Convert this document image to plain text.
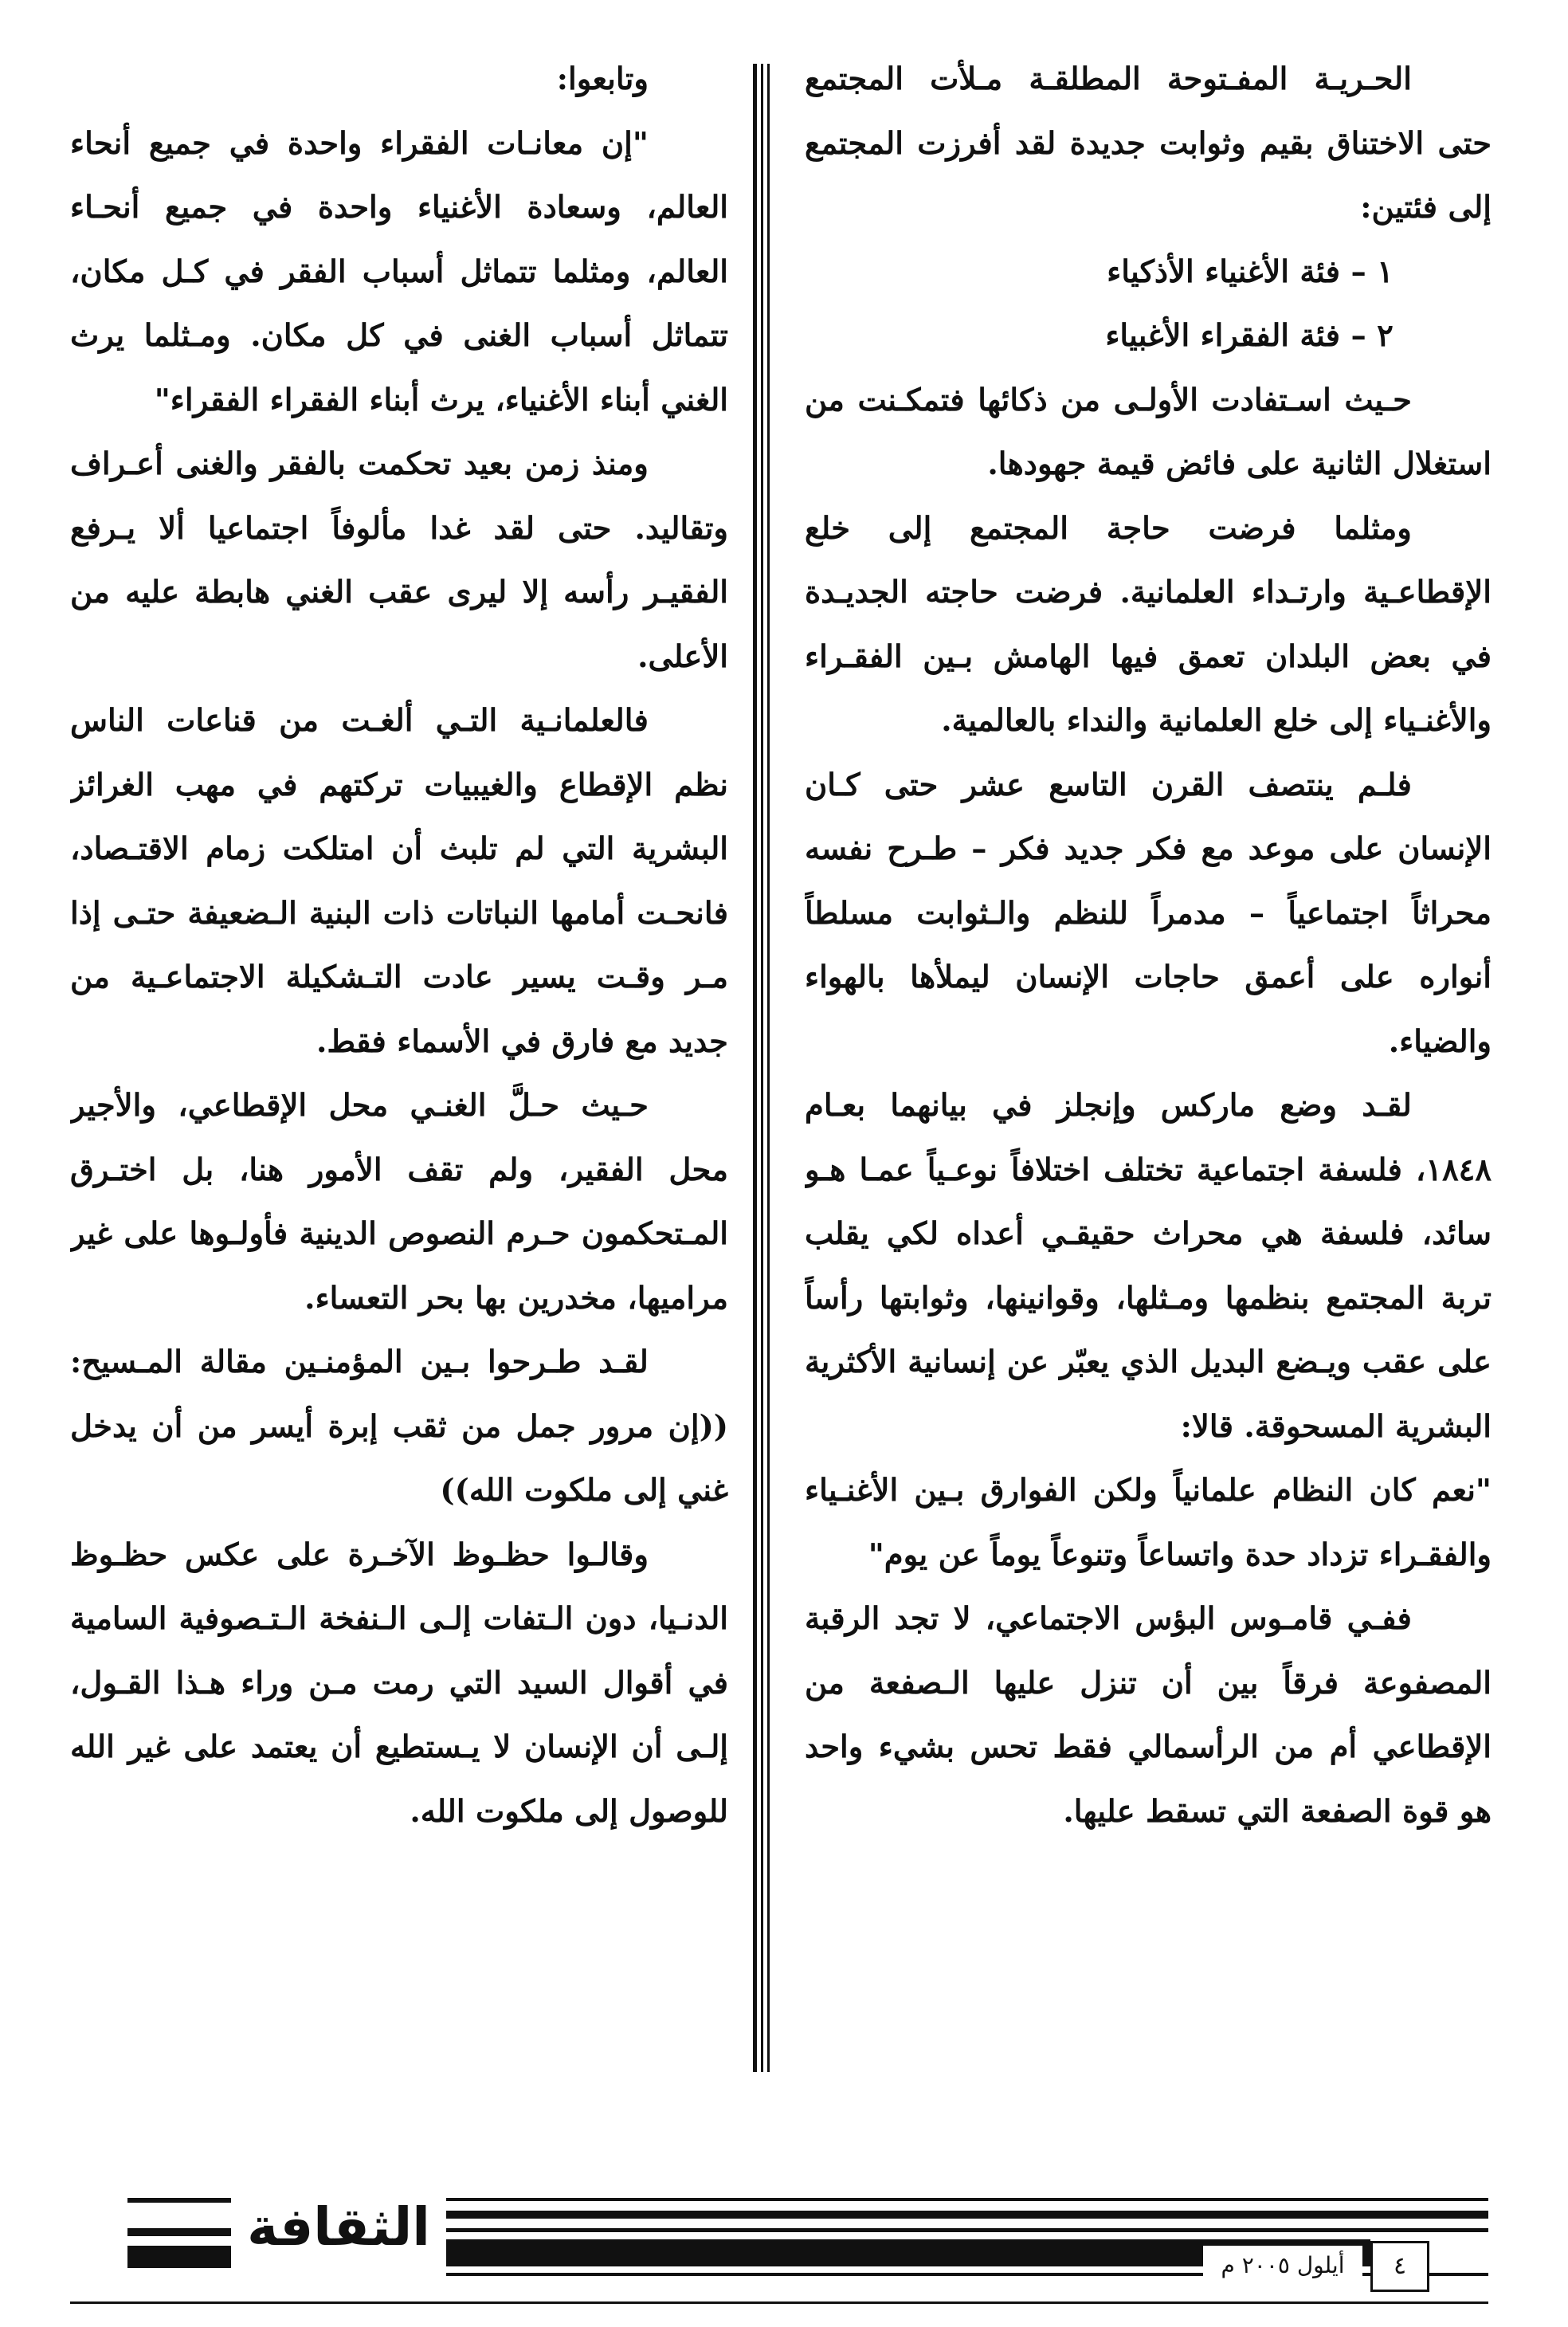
الحـريـة المفـتوحة المطلقـة مـلأت المجتمع حتى الاختناق بقيم وثوابت جديدة لقد أفرزت المجتمع إلى فئتين:

١ – فئة الأغنياء الأذكياء

٢ – فئة الفقراء الأغبياء

حـيث اسـتفادت الأولـى من ذكائها فتمكـنت من استغلال الثانية على فائض قيمة جهودها.

ومثلما فرضت حاجة المجتمع إلى خلع الإقطاعـية وارتـداء العلمانية. فرضت حاجته الجديـدة في بعض البلدان تعمق فيها الهامش بـين الفقـراء والأغنـياء إلى خلع العلمانية والنداء بالعالمية.

فلـم ينتصف القرن التاسع عشر حتى كـان الإنسان على موعد مع فكر جديد فكر – طـرح نفسه محراثاً اجتماعياً – مدمراً للنظم والـثوابت مسلطاً أنواره على أعمق حاجات الإنسان ليملأها بالهواء والضياء.

لقـد وضع ماركس وإنجلز في بيانهما بعـام ١٨٤٨، فلسفة اجتماعية تختلف اختلافاً نوعـياً عمـا هـو سائد، فلسفة هي محراث حقيقـي أعداه لكي يقلب تربة المجتمع بنظمها ومـثلها، وقوانينها، وثوابتها رأساً على عقب ويـضع البديل الذي يعبّر عن إنسانية الأكثرية البشرية المسحوقة. قالا:

"نعم كان النظام علمانياً ولكن الفوارق بـين الأغنـياء والفقـراء تزداد حدة واتساعاً وتنوعاً يوماً عن يوم"

ففـي قامـوس البؤس الاجتماعي، لا تجد الرقبة المصفوعة فرقاً بين أن تنزل عليها الـصفعة من الإقطاعي أم من الرأسمالي فقط تحس بشيء واحد هو قوة الصفعة التي تسقط عليها.

وتابعوا:

"إن معانـات الفقراء واحدة في جميع أنحاء العالم، وسعادة الأغنياء واحدة في جميع أنحـاء العالم، ومثلما تتماثل أسباب الفقر في كـل مكان، تتماثل أسباب الغنى في كل مكان. ومـثلما يرث الغني أبناء الأغنياء، يرث أبناء الفقراء الفقراء"

ومنذ زمن بعيد تحكمت بالفقر والغنى أعـراف وتقاليد. حتى لقد غدا مألوفاً اجتماعيا ألا يـرفع الفقيـر رأسه إلا ليرى عقب الغني هابطة عليه من الأعلى.

فالعلمانـية التـي ألغـت من قناعات الناس نظم الإقطاع والغيبيات تركتهم في مهب الغرائز البشرية التي لم تلبث أن امتلكت زمام الاقتـصاد، فانحـت أمامها النباتات ذات البنية الـضعيفة حتـى إذا مـر وقـت يسير عادت التـشكيلة الاجتماعـية من جديد مع فارق في الأسماء فقط.

حـيث حـلَّ الغنـي محل الإقطاعي، والأجير محل الفقير، ولم تقف الأمور هنا، بل اختـرق المـتحكمون حـرم النصوص الدينية فأولـوها على غير مراميها، مخدرين بها بحر التعساء.

لقـد طـرحوا بـين المؤمنـين مقالة المـسيح: ((إن مرور جمل من ثقب إبرة أيسر من أن يدخل غني إلى ملكوت الله))

وقالـوا حظـوظ الآخـرة على عكس حظـوظ الدنـيا، دون الـتفات إلـى الـنفخة الـتـصوفية السامية في أقوال السيد التي رمت مـن وراء هـذا القـول، إلـى أن الإنسان لا يـستطيع أن يعتمد على غير الله للوصول إلى ملكوت الله.

الثقافة
أيلول ٢٠٠٥ م	٤
